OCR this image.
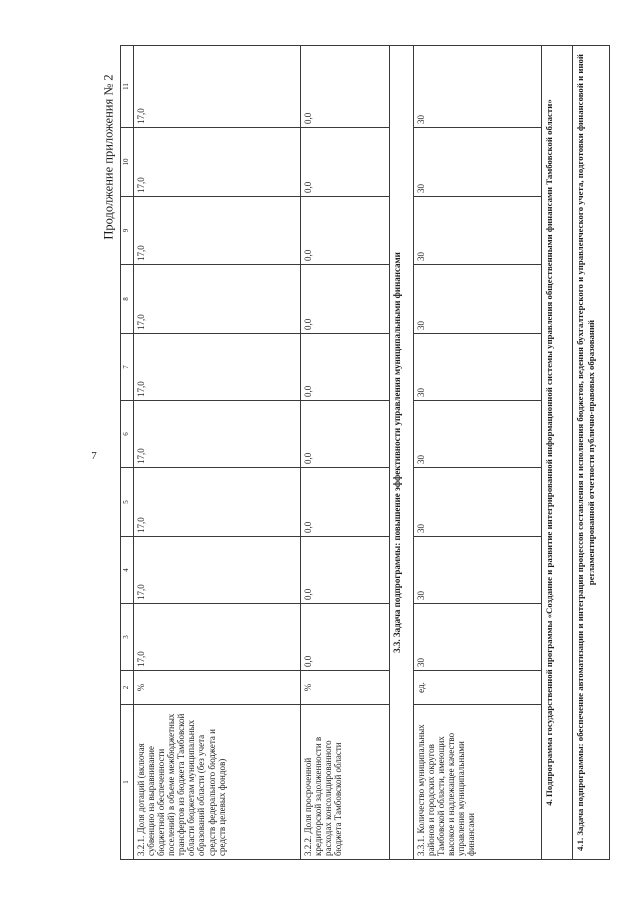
7
Продолжение приложения № 2
1	2	3	4	5	6	7	8	9	10	11
3.2.1. Доля дотаций (включая субвенцию на выравнивание бюджетной обеспеченности поселений) в объеме межбюджетных трансфертов из бюджета Тамбовской области бюджетам муниципальных образований области (без учета средств федерального бюджета и средств целевых фондов)	%	17,0	17,0	17,0	17,0	17,0	17,0	17,0	17,0	17,0
3.2.2. Доля просроченной кредиторской задолженности в расходах консолидированного бюджета Тамбовской области	%	0,0	0,0	0,0	0,0	0,0	0,0	0,0	0,0	0,0
3.3. Задача подпрограммы: повышение эффективности управления муниципальными финансами										
3.3.1. Количество муниципальных районов и городских округов Тамбовской области, имеющих высокое и надлежащее качество управления муниципальными финансами	ед.	30	30	30	30	30	30	30	30	30
4. Подпрограмма государственной программы «Создание и развитие интегрированной информационной системы управления общественными финансами Тамбовской области»										
4.1. Задача подпрограммы: обеспечение автоматизации и интеграции процессов составления и исполнения бюджетов, ведения бухгалтерского и управленческого учета, подготовки финансовой и иной регламентированной отчетности публично-правовых образований										
